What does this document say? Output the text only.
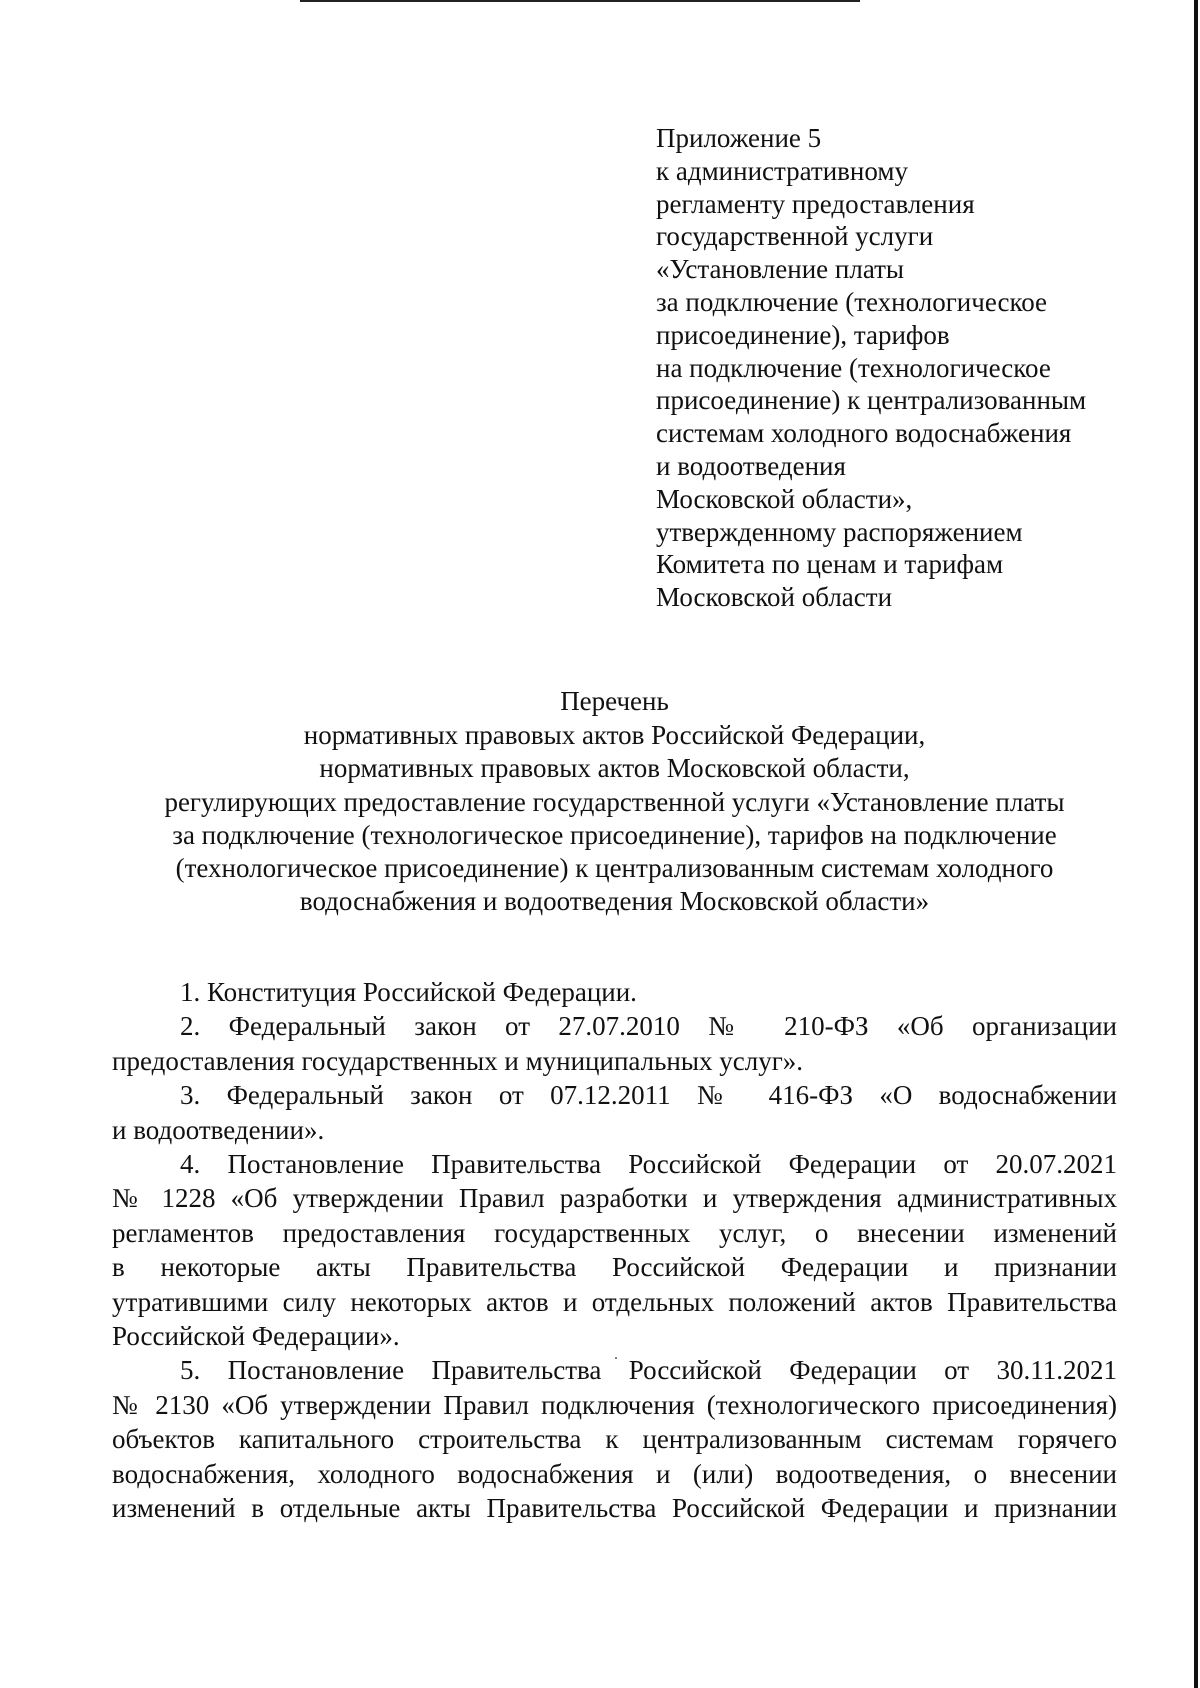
Приложение 5
к административному
регламенту предоставления
государственной услуги
«Установление платы
за подключение (технологическое
присоединение), тарифов
на подключение (технологическое
присоединение) к централизованным
системам холодного водоснабжения
и водоотведения
Московской области»,
утвержденному распоряжением
Комитета по ценам и тарифам
Московской области
Перечень
нормативных правовых актов Российской Федерации,
нормативных правовых актов Московской области,
регулирующих предоставление государственной услуги «Установление платы
за подключение (технологическое присоединение), тарифов на подключение
(технологическое присоединение) к централизованным системам холодного
водоснабжения и водоотведения Московской области»
1. Конституция Российской Федерации.
2. Федеральный закон от 27.07.2010 № 210-ФЗ «Об организации
предоставления государственных и муниципальных услуг».
3. Федеральный закон от 07.12.2011 № 416-ФЗ «О водоснабжении
и водоотведении».
4. Постановление Правительства Российской Федерации от 20.07.2021
№ 1228 «Об утверждении Правил разработки и утверждения административных
регламентов предоставления государственных услуг, о внесении изменений
в некоторые акты Правительства Российской Федерации и признании
утратившими силу некоторых актов и отдельных положений актов Правительства
Российской Федерации».
5. Постановление Правительства Российской Федерации от 30.11.2021
№ 2130 «Об утверждении Правил подключения (технологического присоединения)
объектов капитального строительства к централизованным системам горячего
водоснабжения, холодного водоснабжения и (или) водоотведения, о внесении
изменений в отдельные акты Правительства Российской Федерации и признании
